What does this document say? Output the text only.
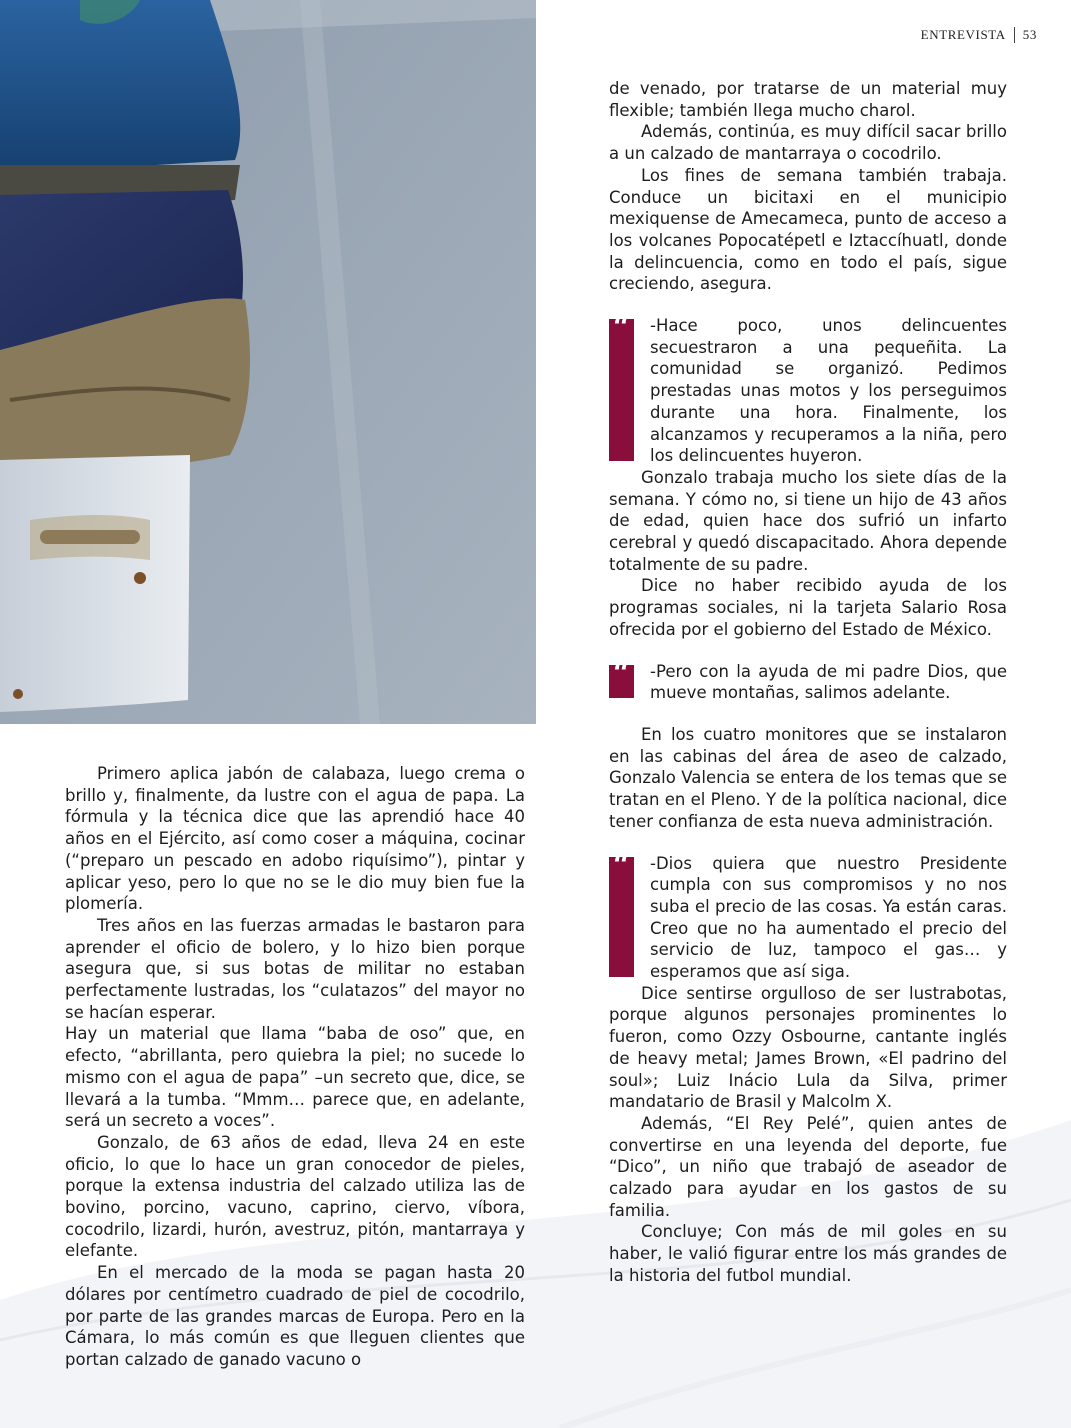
ENTREVISTA 53

Primero aplica jabón de calabaza, luego crema o brillo y, finalmente, da lustre con el agua de papa. La fórmula y la técnica dice que las aprendió hace 40 años en el Ejército, así como coser a máquina, cocinar (“preparo un pescado en adobo riquísimo”), pintar y aplicar yeso, pero lo que no se le dio muy bien fue la plomería.

Tres años en las fuerzas armadas le bastaron para aprender el oficio de bolero, y lo hizo bien porque asegura que, si sus botas de militar no estaban perfectamente lustradas, los “culatazos” del mayor no se hacían esperar.

Hay un material que llama “baba de oso” que, en efecto, “abrillanta, pero quiebra la piel; no sucede lo mismo con el agua de papa” –un secreto que, dice, se llevará a la tumba. “Mmm… parece que, en adelante, será un secreto a voces”.

Gonzalo, de 63 años de edad, lleva 24 en este oficio, lo que lo hace un gran conocedor de pieles, porque la extensa industria del calzado utiliza las de bovino, porcino, vacuno, caprino, ciervo, víbora, cocodrilo, lizardi, hurón, avestruz, pitón, mantarraya y elefante.

En el mercado de la moda se pagan hasta 20 dólares por centímetro cuadrado de piel de cocodrilo, por parte de las grandes marcas de Europa. Pero en la Cámara, lo más común es que lleguen clientes que portan calzado de ganado vacuno o

de venado, por tratarse de un material muy flexible; también llega mucho charol.

Además, continúa, es muy difícil sacar brillo a un calzado de mantarraya o cocodrilo.

Los fines de semana también trabaja. Conduce un bicitaxi en el municipio mexiquense de Amecameca, punto de acceso a los volcanes Popocatépetl e Iztaccíhuatl, donde la delincuencia, como en todo el país, sigue creciendo, asegura.

“ -Hace poco, unos delincuentes secuestraron a una pequeñita. La comunidad se organizó. Pedimos prestadas unas motos y los perseguimos durante una hora. Finalmente, los alcanzamos y recuperamos a la niña, pero los delincuentes huyeron.

Gonzalo trabaja mucho los siete días de la semana. Y cómo no, si tiene un hijo de 43 años de edad, quien hace dos sufrió un infarto cerebral y quedó discapacitado. Ahora depende totalmente de su padre.

Dice no haber recibido ayuda de los programas sociales, ni la tarjeta Salario Rosa ofrecida por el gobierno del Estado de México.

“ -Pero con la ayuda de mi padre Dios, que mueve montañas, salimos adelante.

En los cuatro monitores que se instalaron en las cabinas del área de aseo de calzado, Gonzalo Valencia se entera de los temas que se tratan en el Pleno. Y de la política nacional, dice tener confianza de esta nueva administración.

“ -Dios quiera que nuestro Presidente cumpla con sus compromisos y no nos suba el precio de las cosas. Ya están caras. Creo que no ha aumentado el precio del servicio de luz, tampoco el gas… y esperamos que así siga.

Dice sentirse orgulloso de ser lustrabotas, porque algunos personajes prominentes lo fueron, como Ozzy Osbourne, cantante inglés de heavy metal; James Brown, «El padrino del soul»; Luiz Inácio Lula da Silva, primer mandatario de Brasil y Malcolm X.

Además, “El Rey Pelé”, quien antes de convertirse en una leyenda del deporte, fue “Dico”, un niño que trabajó de aseador de calzado para ayudar en los gastos de su familia.

Concluye; Con más de mil goles en su haber, le valió figurar entre los más grandes de la historia del futbol mundial.
